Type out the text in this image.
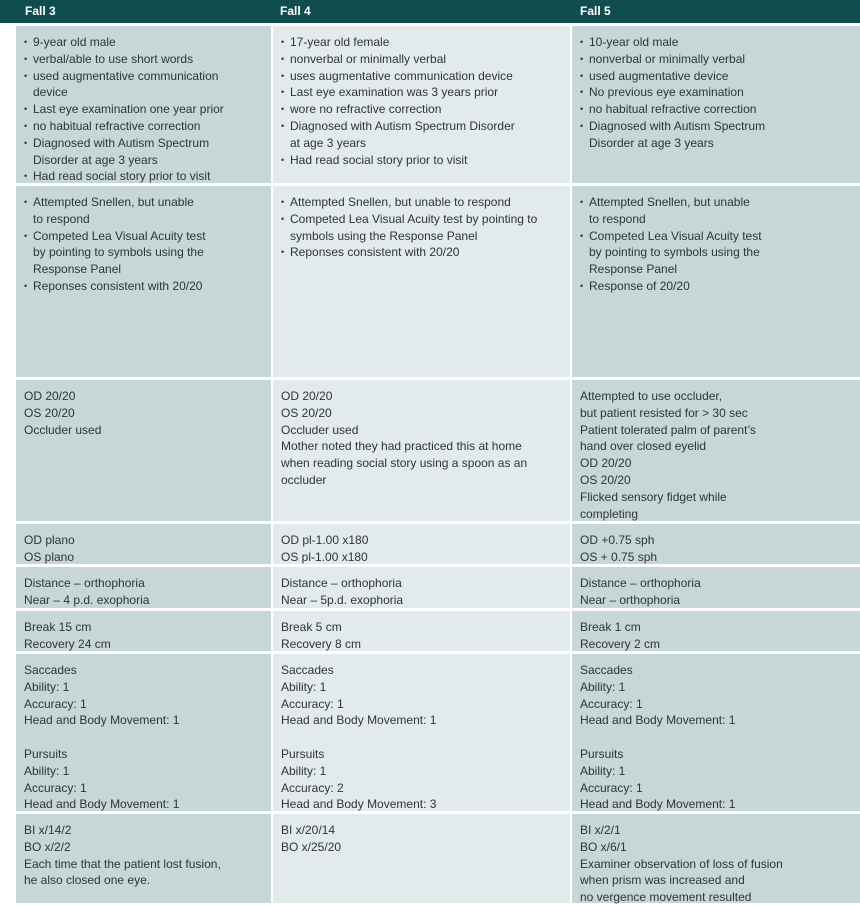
Fall 3	Fall 4	Fall 5
• 9-year old male
• verbal/able to use short words
• used augmentative communication
device
• Last eye examination one year prior
• no habitual refractive correction
• Diagnosed with Autism Spectrum
Disorder at age 3 years
• Had read social story prior to visit
• 17-year old female
• nonverbal or minimally verbal
• uses augmentative communication device
• Last eye examination was 3 years prior
• wore no refractive correction
• Diagnosed with Autism Spectrum Disorder
at age 3 years
• Had read social story prior to visit
• 10-year old male
• nonverbal or minimally verbal
• used augmentative device
• No previous eye examination
• no habitual refractive correction
• Diagnosed with Autism Spectrum
Disorder at age 3 years
• Attempted Snellen, but unable
to respond
• Competed Lea Visual Acuity test
by pointing to symbols using the
Response Panel
• Reponses consistent with 20/20
• Attempted Snellen, but unable to respond
• Competed Lea Visual Acuity test by pointing to
symbols using the Response Panel
• Reponses consistent with 20/20
• Attempted Snellen, but unable
to respond
• Competed Lea Visual Acuity test
by pointing to symbols using the
Response Panel
• Response of 20/20
OD 20/20
OS 20/20
Occluder used
OD 20/20
OS 20/20
Occluder used
Mother noted they had practiced this at home
when reading social story using a spoon as an
occluder
Attempted to use occluder,
but patient resisted for > 30 sec
Patient tolerated palm of parent’s
hand over closed eyelid
OD 20/20
OS 20/20
Flicked sensory fidget while
completing
OD plano
OS plano
OD pl-1.00 x180
OS pl-1.00 x180
OD +0.75 sph
OS + 0.75 sph
Distance – orthophoria
Near – 4 p.d. exophoria
Distance – orthophoria
Near – 5p.d. exophoria
Distance – orthophoria
Near – orthophoria
Break 15 cm
Recovery 24 cm
Break 5 cm
Recovery 8 cm
Break 1 cm
Recovery 2 cm
Saccades
Ability: 1
Accuracy: 1
Head and Body Movement: 1
Pursuits
Ability: 1
Accuracy: 1
Head and Body Movement: 1
Saccades
Ability: 1
Accuracy: 1
Head and Body Movement: 1
Pursuits
Ability: 1
Accuracy: 2
Head and Body Movement: 3
Saccades
Ability: 1
Accuracy: 1
Head and Body Movement: 1
Pursuits
Ability: 1
Accuracy: 1
Head and Body Movement: 1
BI x/14/2
BO x/2/2
Each time that the patient lost fusion,
he also closed one eye.
BI x/20/14
BO x/25/20
BI x/2/1
BO x/6/1
Examiner observation of loss of fusion
when prism was increased and
no vergence movement resulted
